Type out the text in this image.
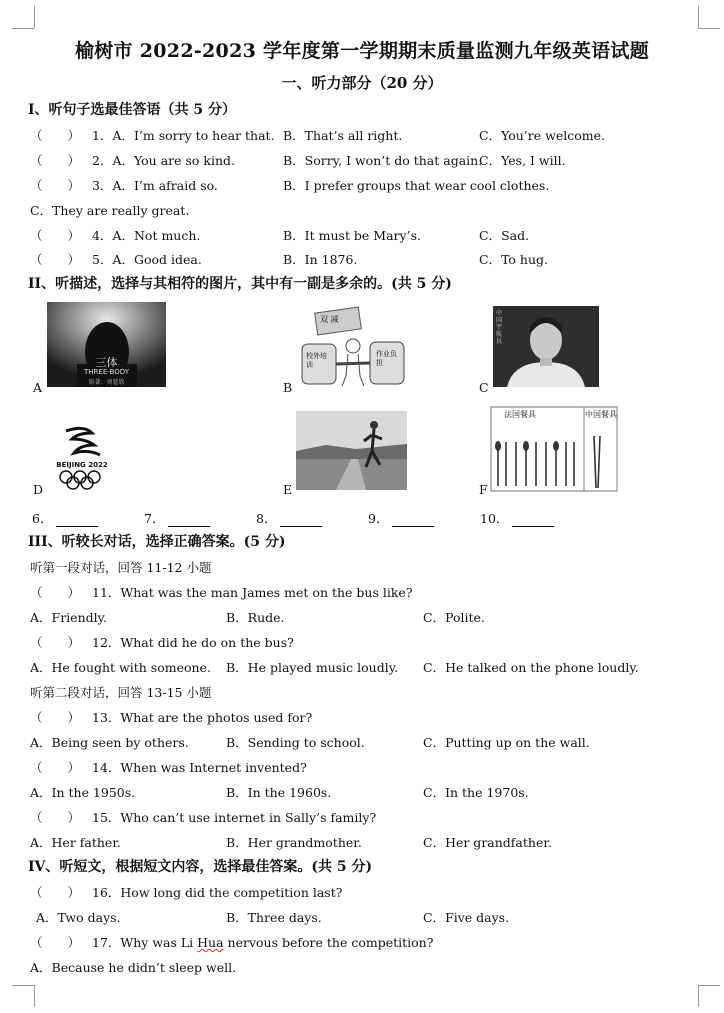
榆树市 2022-2023 学年度第一学期期末质量监测九年级英语试题
一、听力部分（20 分）
I、听句子选最佳答语（共 5 分）
（　　） 1．A．I’m sorry to hear that. B．That’s all right.	C．You’re welcome.
（　　） 2．A．You are so kind.	B．Sorry, I won’t do that again.
C．Yes, I will.
（　　） 3．A．I’m afraid so.	B．I prefer groups that wear cool clothes.
C．They are really great.
（　　） 4．A．Not much.	B．It must be Mary’s.	C．Sad.
（　　） 5．A．Good idea.	B．In 1876.	C．To hug.
II、听描述，选择与其相符的图片，其中有一副是多余的。(共 5 分)
三体
THREE-BODY
原著：刘慈欣
A
双 减
校外培训
作业负担
B
中国宇航员
C
BEIJING 2022
D	E
法国餐具	中国餐具
F
6．	7．	8．	9．	10．
III、听较长对话，选择正确答案。(5 分)
听第一段对话，回答 11-12 小题
（　　） 11．What was the man James met on the bus like?
A．Friendly.	B．Rude.	C．Polite.
（　　） 12．What did he do on the bus?
A．He fought with someone. B．He played music loudly. C．He talked on the phone loudly.
听第二段对话，回答 13-15 小题
（　　） 13．What are the photos used for?
A．Being seen by others.	B．Sending to school.	C．Putting up on the wall.
（　　） 14．When was Internet invented?
A．In the 1950s.	B．In the 1960s.	C．In the 1970s.
（　　） 15．Who can’t use internet in Sally’s family?
A．Her father.	B．Her grandmother.	C．Her grandfather.
IV、听短文，根据短文内容，选择最佳答案。(共 5 分)
（　　） 16．How long did the competition last?
A．Two days.	B．Three days.	C．Five days.
（　　） 17．Why was Li Hua nervous before the competition?
A．Because he didn’t sleep well.
